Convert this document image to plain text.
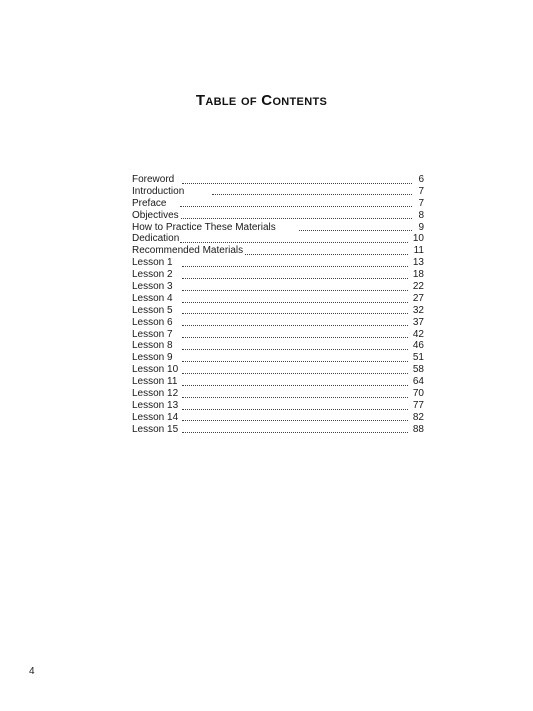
Table of Contents
Foreword	6
Introduction	7
Preface	7
Objectives	8
How to Practice These Materials	9
Dedication	10
Recommended Materials	11
Lesson 1	13
Lesson 2	18
Lesson 3	22
Lesson 4	27
Lesson 5	32
Lesson 6	37
Lesson 7	42
Lesson 8	46
Lesson 9	51
Lesson 10	58
Lesson 11	64
Lesson 12	70
Lesson 13	77
Lesson 14	82
Lesson 15	88
4
